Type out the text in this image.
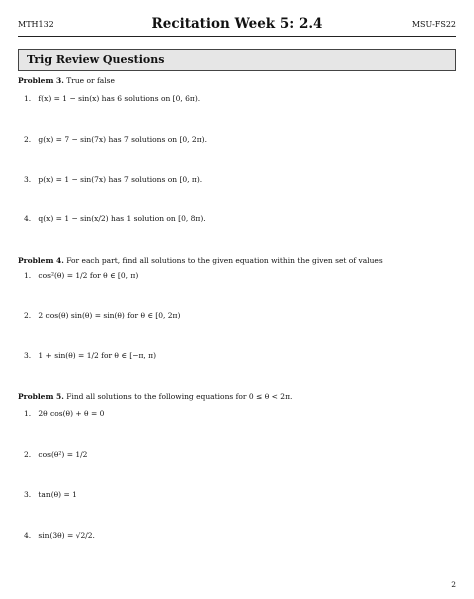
MTH132	Recitation Week 5: 2.4	MSU-FS22
Trig Review Questions
Problem 3. True or false
1. f(x) = 1 − sin(x) has 6 solutions on [0, 6π).
2. g(x) = 7 − sin(7x) has 7 solutions on [0, 2π).
3. p(x) = 1 − sin(7x) has 7 solutions on [0, π).
4. q(x) = 1 − sin(x/2) has 1 solution on [0, 8π).
Problem 4. For each part, find all solutions to the given equation within the given set of values
1. cos²(θ) = 1/2 for θ ∈ [0, π)
2. 2 cos(θ) sin(θ) = sin(θ) for θ ∈ [0, 2π)
3. 1 + sin(θ) = 1/2 for θ ∈ [−π, π)
Problem 5. Find all solutions to the following equations for 0 ≤ θ < 2π.
1. 2θ cos(θ) + θ = 0
2. cos(θ²) = 1/2
3. tan(θ) = 1
4. sin(3θ) = √2/2.
2
